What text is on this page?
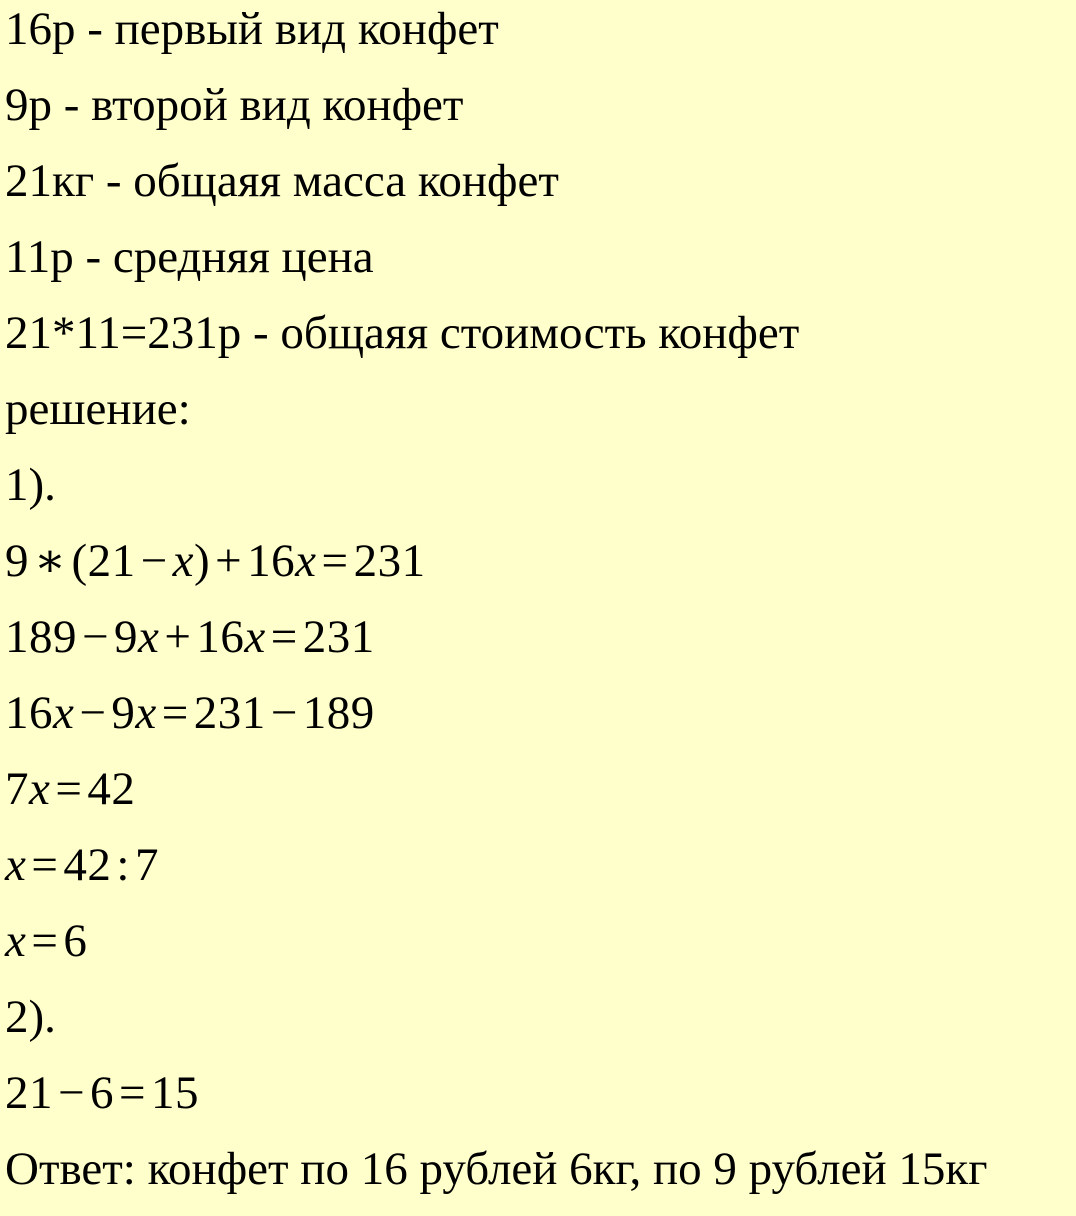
16р - первый вид конфет
9р - второй вид конфет
21кг - общаяя масса конфет
11р - средняя цена
21*11=231р - общаяя стоимость конфет
решение:
1).
9 ∗ (21 − x) + 16x = 231
189 − 9x + 16x = 231
16x − 9x = 231 − 189
7x = 42
x = 42 : 7
x = 6
2).
21 − 6 = 15
Ответ: конфет по 16 рублей 6кг, по 9 рублей 15кг
